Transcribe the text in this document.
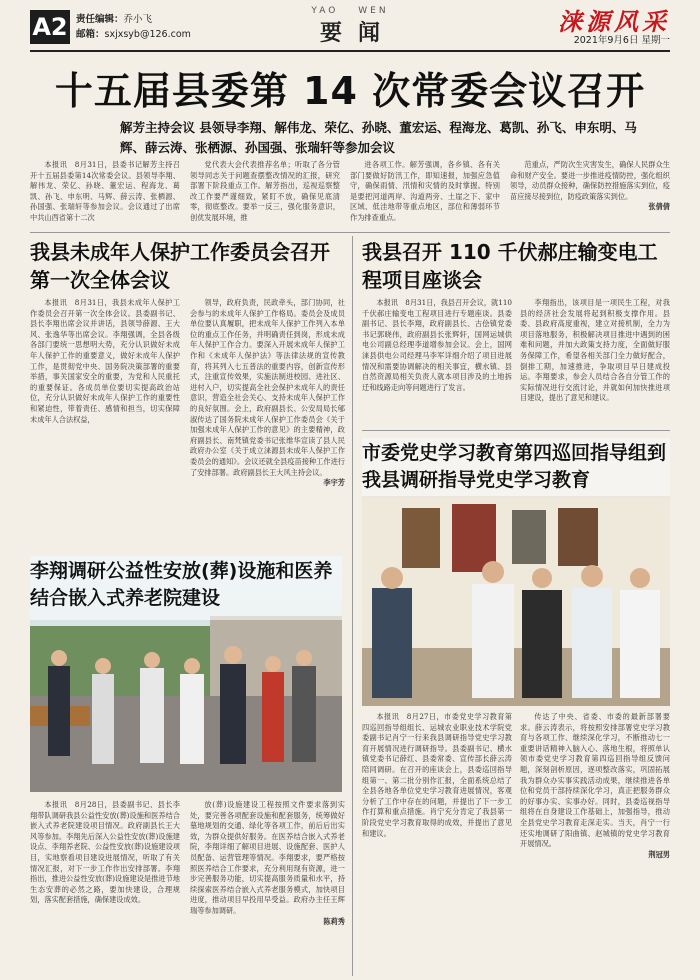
A2 责任编辑：乔小飞
邮箱：sxjxsyb@126.com
YAO WEN
要闻	涞源风采
2021年9月6日 星期一
十五届县委第 14 次常委会议召开
解芳主持会议 县领导李翔、解伟龙、荣亿、孙晓、董宏运、程海龙、葛凯、孙飞、申东明、马辉、薛云涛、张栖源、孙国强、张瑞轩等参加会议

本报讯　8月31日，县委书记解芳主持召开十五届县委第14次常委会议。县领导李翔、解伟龙、荣亿、孙晓、董宏运、程海龙、葛凯、孙飞、申东明、马辉、薛云涛、张栖源、孙国强、张瑞轩等参加会议。会议通过了出席中共山西省第十二次

党代表大会代表推荐名单；听取了各分管领导同志关于问题查摆整改情况的汇报，研究部署下阶段重点工作。解芳指出，巡视巡察整改工作要严谨细致，紧盯不放，确保见底清零，彻底整改。要举一反三，强化服务意识，创优发展环境，推

进各项工作。解芳强调，各乡镇、各有关部门要做好防汛工作，即知速报，加强应急值守，确保雨情、汛情和灾情的及时掌握。特别是要把河道两岸、沟道两旁、土崖之下、家中区域、低洼地带等重点地区，部位和薄弱环节作为排查重点。

范重点，严防次生灾害发生，确保人民群众生命和财产安全。要进一步推进疫情防控，强化组织领导，动员群众接种，确保防控措施落实到位，疫苗应接尽接到位，防疫政策落实到位。

张倩倩
我县未成年人保护工作委员会召开第一次全体会议

本报讯　8月31日，我县未成年人保护工作委员会召开第一次全体会议。县委副书记、县长李翔出席会议并讲话，县领导薛源、王大风、张逸华等出席会议。李翔强调，全县各级各部门要统一思想明大势，充分认识做好未成年人保护工作的重要意义，做好未成年人保护工作，是贯彻党中央、国务院决策部署的重要举措，事关国家安全的重要，为党和人民重托的重要保证。各成员单位要切实提高政治站位，充分认识做好未成年人保护工作的重要性和紧迫性，带着责任、感情和担当，切实保障未成年人合法权益，

领导，政府负责，民政牵头，部门协同，社会参与的未成年人保护工作格局。委员会及成员单位要认真履职，把未成年人保护工作列入本单位的重点工作任务，并明确责任到岗，形成未成年人保护工作合力。要深入开展未成年人保护工作和《未成年人保护法》等法律法规的宣传教育，将其列入七五普法的重要内容，创新宣传形式，注重宣传效果，实施法制进校园、进社区、进村入户，切实提高全社会保护未成年人的责任意识，营造全社会关心、支持未成年人保护工作的良好氛围。会上，政府副县长、公安局局长郇淑传达了国务院未成年人保护工作委员会《关于加强未成年人保护工作的意见》的主要精神，政府副县长、南梵镇党委书记张维华宣读了县人民政府办公室《关于成立涞源县未成年人保护工作委员会的通知》。会议还就全县疫苗接种工作进行了安排部署。政府副县长王大风主持会议。

李宇芳
我县召开 110 千伏郝庄输变电工程项目座谈会

本报讯　8月31日，我县召开会议，就110千伏郝庄输变电工程项目进行专题座谈。县委副书记、县长李翔，政府副县长、古侩镇党委书记郭晓伟，政府副县长张辉轩，国网运城供电公司副总经理李道增参加会议。会上，国网涞县供电公司经理马李军详细介绍了项目进展情况和需要协调解决的相关事宜，横水镇、县自然资源局相关负责人就本项目涉及的土地拆迁和线路走向等问题进行了发言。

李翔指出，该项目是一项民生工程，对我县的经济社会发展将起到积极支撑作用。县委、县政府高度重视，建立对接机制，全力为项目落地服务，积极解决项目推进中遇到的困难和问题，并加大政策支持力度，全面做好服务保障工作，希望各相关部门全力做好配合，倒排工期，加速推进，争取项目早日建成投运。李翔要求，参会人员结合各自分管工作的实际情况进行交流讨论，并就如何加快推进项目建设，提出了意见和建议。

李翔调研公益性安放(葬)设施和医养结合嵌入式养老院建设

本报讯　8月28日，县委副书记、县长李翔带队调研我县公益性安放(葬)设施和医养结合嵌入式养老院建设项目情况。政府副县长王大风等参加。李翔先后深入公益性安放(葬)设施建设点、李翔养老院、公益性安放(葬)设施建设项目，实地察看项目建设进展情况，听取了有关情况汇报，对下一步工作作出安排部署。李翔指出，推进公益性安放(葬)设施建设是推进节地生态安葬的必然之路，要加快建设，合理规划，落实配套措施，确保建设成效。

放(葬)设施建设工程按照文件要求落到实处，要完善各项配套设施和配套服务，统筹做好墓地规划的交通、绿化等各项工作，前后后出实效，为群众提供好服务。在医养结合嵌入式养老院，李翔详细了解项目进展、设施配套、医护人员配备、运营管理等情况。李翔要求，要严格按照医养结合工作要求，充分利用现有资源，进一步完善服务功能，切实提高服务质量和水平，持续探索医养结合嵌入式养老服务模式，加快项目进度，推动项目早投用早受益。政府办主任王辉瑞等参加调研。

陈莉秀
市委党史学习教育第四巡回指导组到我县调研指导党史学习教育

本报讯　8月27日，市委党史学习教育第四巡回指导组组长、运城农业职业技术学院党委副书记肖宁一行来我县调研指导党史学习教育开展情况进行调研指导。县委副书记、横水镇党委书记薛红、县委常委、宣传部长薛云涛陪同调研。在召开的座谈会上，县委巡回指导组第一、第二批分别作汇报，全面系统总结了全县各地各单位党史学习教育进展情况，客观分析了工作中存在的问题，并提出了下一步工作打算和重点措施。肖宁充分肯定了我县第一阶段党史学习教育取得的成效，并提出了意见和建议。

传达了中央、省委、市委的最新部署要求。薛云涛表示，将按照安排部署党史学习教育与各项工作、继续深化学习，不断推动七一重要讲话精神入脑入心、落地生根，将照单认领市委党史学习教育第四巡回指导组反馈问题，深刻剖析原因，逐项整改落实，巩固拓展我为群众办实事实践活动成果，继续推进各单位和党员干部持续深化学习，真正把服务群众的好事办实、实事办好。同时，县委巡视指导组将在自身建设工作基础上，加强指导，推动全县党史学习教育走深走实。当天，肖宁一行还实地调研了阳曲镇、赵城镇的党史学习教育开展情况。

荆冠男
